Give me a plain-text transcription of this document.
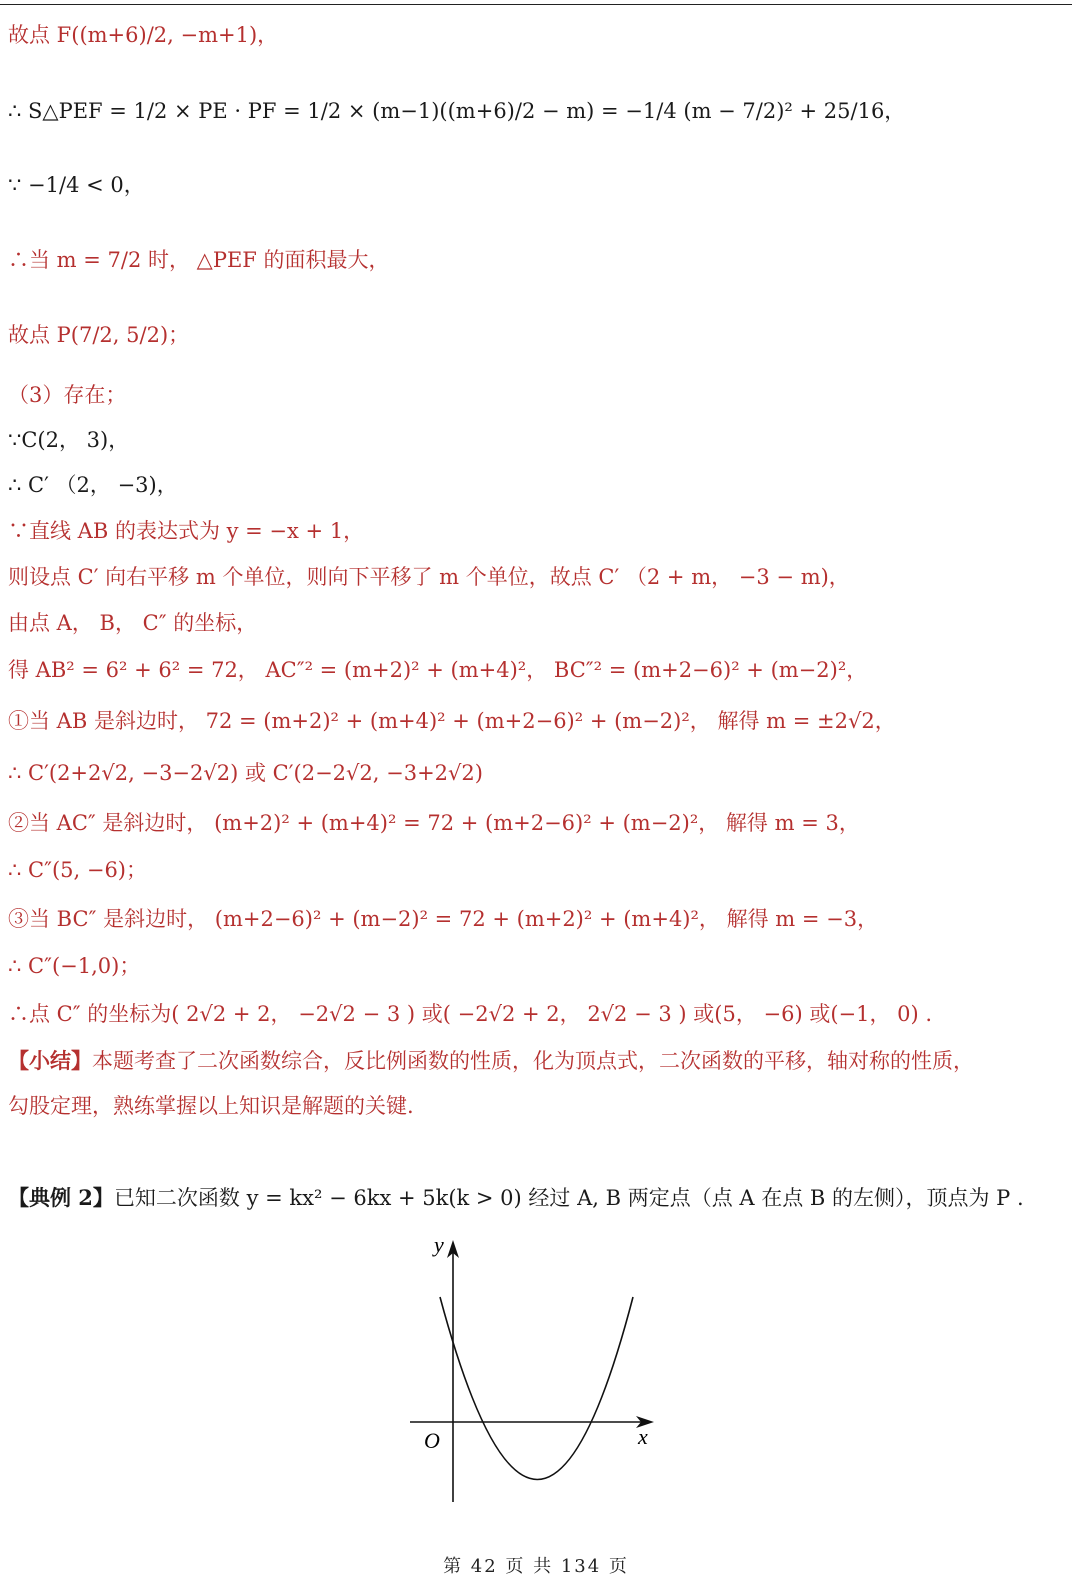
故点 F((m+6)/2, −m+1)，
∴ S△PEF = 1/2 × PE · PF = 1/2 × (m−1)((m+6)/2 − m) = −1/4 (m − 7/2)² + 25/16，
∵ −1/4 < 0，
∴当 m = 7/2 时， △PEF 的面积最大，
故点 P(7/2, 5/2)；
（3）存在；
∵C(2， 3)，
∴ C′ （2， −3)，
∵直线 AB 的表达式为 y = −x + 1，
则设点 C′ 向右平移 m 个单位，则向下平移了 m 个单位，故点 C′ （2 + m， −3 − m)，
由点 A， B， C″ 的坐标，
得 AB² = 6² + 6² = 72， AC″² = (m+2)² + (m+4)²， BC″² = (m+2−6)² + (m−2)²，
①当 AB 是斜边时， 72 = (m+2)² + (m+4)² + (m+2−6)² + (m−2)²， 解得 m = ±2√2，
∴ C′(2+2√2, −3−2√2) 或 C′(2−2√2, −3+2√2)
②当 AC″ 是斜边时， (m+2)² + (m+4)² = 72 + (m+2−6)² + (m−2)²， 解得 m = 3，
∴ C″(5, −6)；
③当 BC″ 是斜边时， (m+2−6)² + (m−2)² = 72 + (m+2)² + (m+4)²， 解得 m = −3，
∴ C″(−1,0)；
∴点 C″ 的坐标为( 2√2 + 2， −2√2 − 3 ) 或( −2√2 + 2， 2√2 − 3 ) 或(5， −6) 或(−1， 0) .
【小结】本题考查了二次函数综合，反比例函数的性质，化为顶点式，二次函数的平移，轴对称的性质，
勾股定理，熟练掌握以上知识是解题的关键.
【典例 2】已知二次函数 y = kx² − 6kx + 5k(k > 0) 经过 A, B 两定点（点 A 在点 B 的左侧），顶点为 P .
y
x
O
第 42 页 共 134 页
